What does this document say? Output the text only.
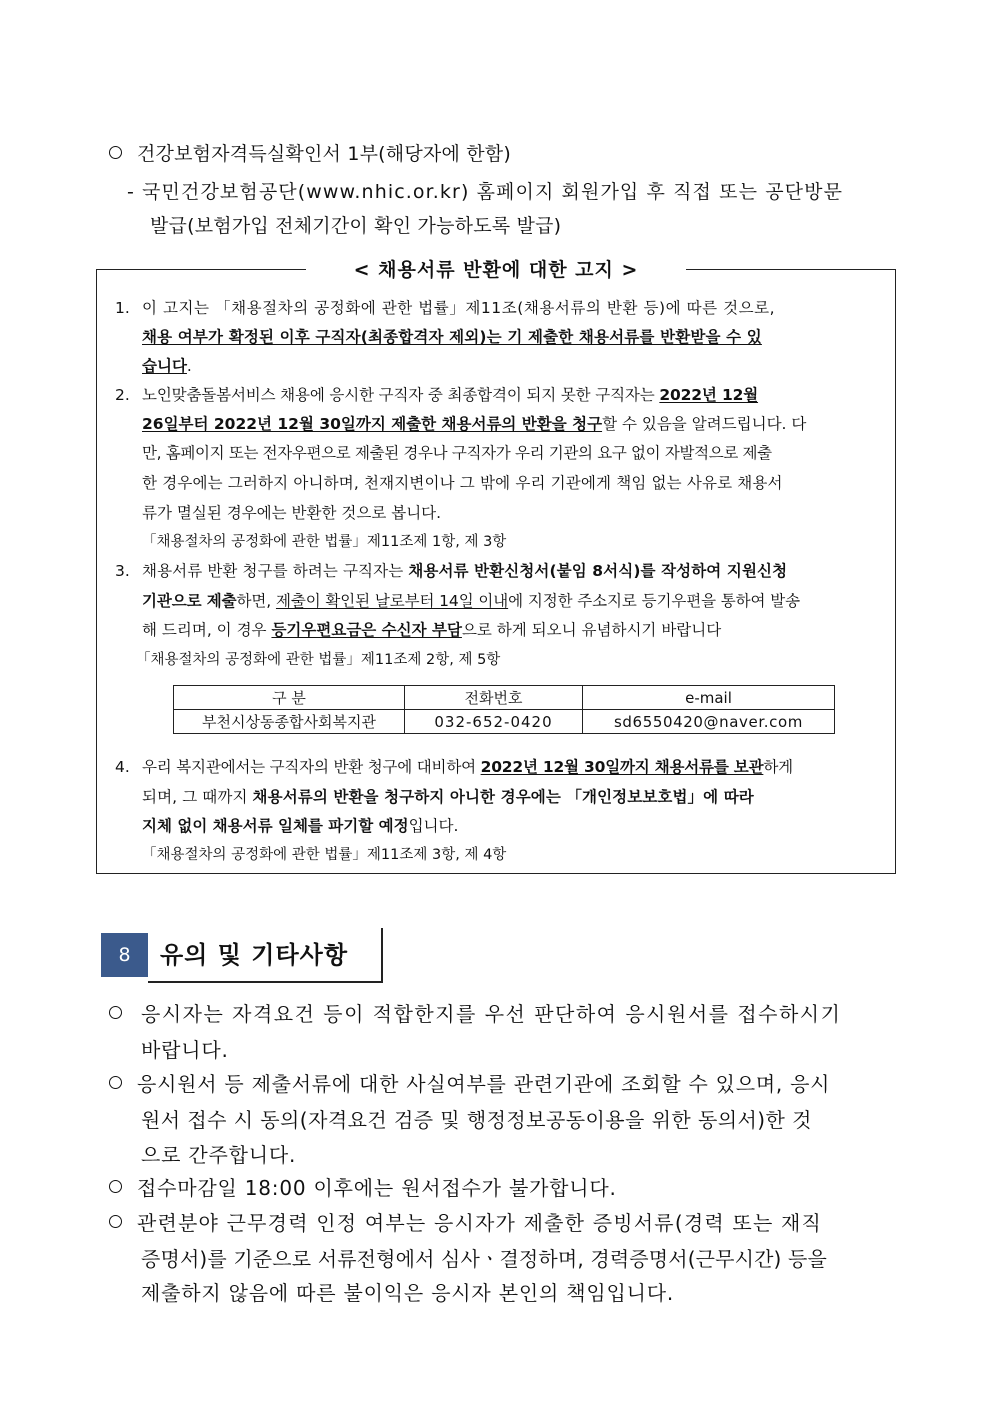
건강보험자격득실확인서 1부(해당자에 한함)
- 국민건강보험공단(www.nhic.or.kr) 홈페이지 회원가입 후 직접 또는 공단방문
발급(보험가입 전체기간이 확인 가능하도록 발급)
< 채용서류 반환에 대한 고지 >
1. 이 고지는 「채용절차의 공정화에 관한 법률」제11조(채용서류의 반환 등)에 따른 것으로,
채용 여부가 확정된 이후 구직자(최종합격자 제외)는 기 제출한 채용서류를 반환받을 수 있
습니다.
2. 노인맞춤돌봄서비스 채용에 응시한 구직자 중 최종합격이 되지 못한 구직자는 2022년 12월
26일부터 2022년 12월 30일까지 제출한 채용서류의 반환을 청구할 수 있음을 알려드립니다. 다
만, 홈페이지 또는 전자우편으로 제출된 경우나 구직자가 우리 기관의 요구 없이 자발적으로 제출
한 경우에는 그러하지 아니하며, 천재지변이나 그 밖에 우리 기관에게 책임 없는 사유로 채용서
류가 멸실된 경우에는 반환한 것으로 봅니다.
「채용절차의 공정화에 관한 법률」제11조제 1항, 제 3항
3. 채용서류 반환 청구를 하려는 구직자는 채용서류 반환신청서(붙임 8서식)를 작성하여 지원신청
기관으로 제출하면, 제출이 확인된 날로부터 14일 이내에 지정한 주소지로 등기우편을 통하여 발송
해 드리며, 이 경우 등기우편요금은 수신자 부담으로 하게 되오니 유념하시기 바랍니다
「채용절차의 공정화에 관한 법률」제11조제 2항, 제 5항
구 분	전화번호	e-mail
부천시상동종합사회복지관	032-652-0420	sd6550420@naver.com
4. 우리 복지관에서는 구직자의 반환 청구에 대비하여 2022년 12월 30일까지 채용서류를 보관하게
되며, 그 때까지 채용서류의 반환을 청구하지 아니한 경우에는 「개인정보보호법」에 따라
지체 없이 채용서류 일체를 파기할 예정입니다.
「채용절차의 공정화에 관한 법률」제11조제 3항, 제 4항
8	유의 및 기타사항
응시자는 자격요건 등이 적합한지를 우선 판단하여 응시원서를 접수하시기
바랍니다.
응시원서 등 제출서류에 대한 사실여부를 관련기관에 조회할 수 있으며, 응시
원서 접수 시 동의(자격요건 검증 및 행정정보공동이용을 위한 동의서)한 것
으로 간주합니다.
접수마감일 18:00 이후에는 원서접수가 불가합니다.
관련분야 근무경력 인정 여부는 응시자가 제출한 증빙서류(경력 또는 재직
증명서)를 기준으로 서류전형에서 심사ㆍ결정하며, 경력증명서(근무시간) 등을
제출하지 않음에 따른 불이익은 응시자 본인의 책임입니다.
